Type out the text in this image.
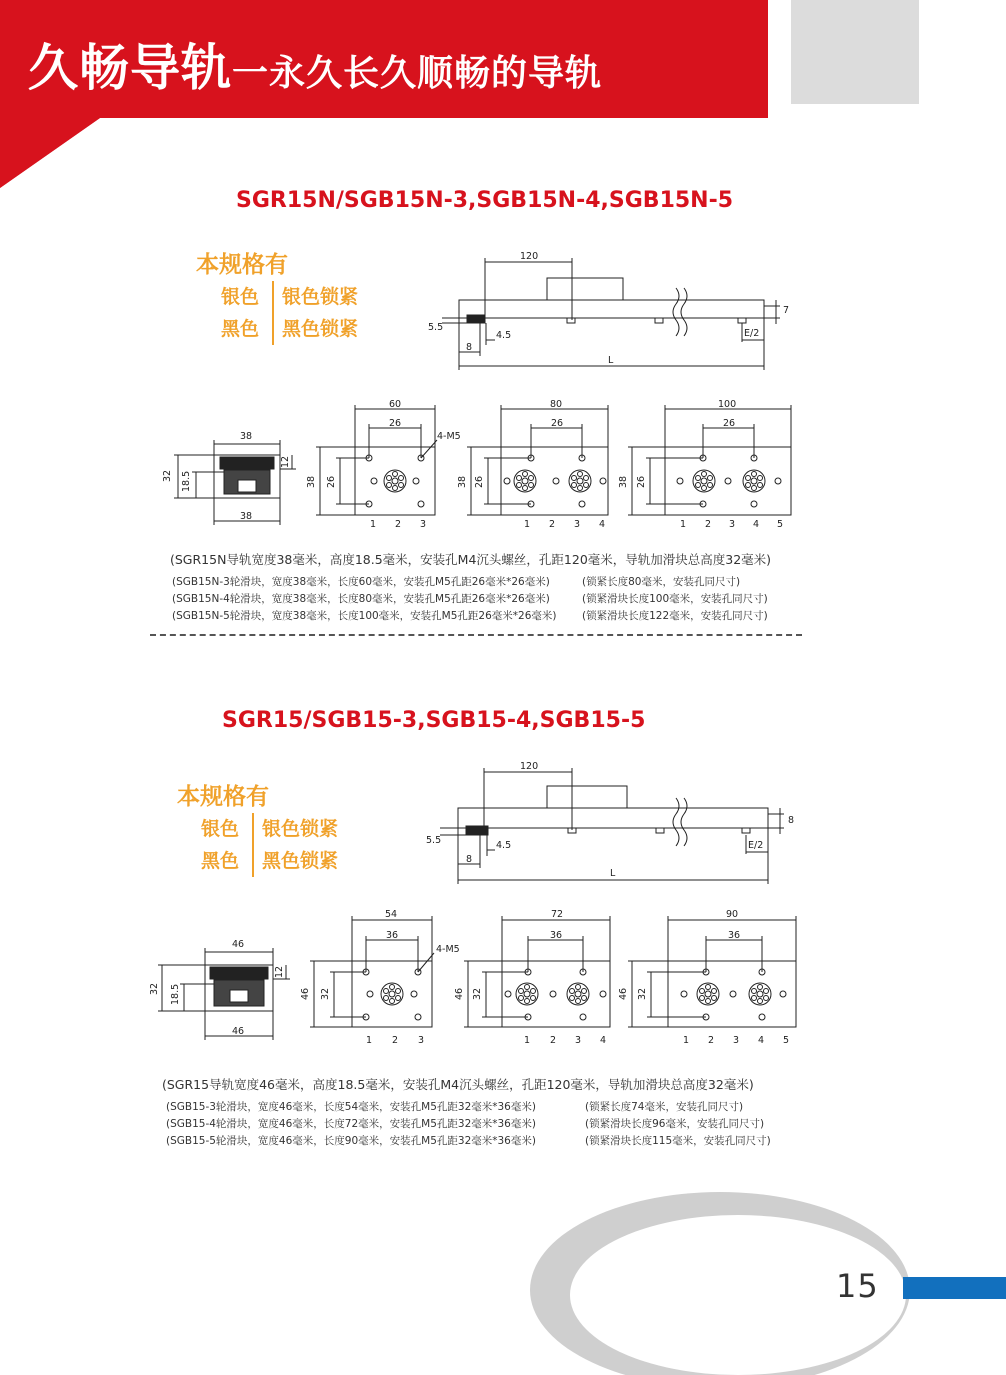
久畅导轨一永久长久顺畅的导轨
SGR15N/SGB15N-3,SGB15N-4,SGB15N-5
本规格有
银色 银色锁紧
黑色 黑色锁紧
120
7
5.5
8
4.5	E/2
L
38
38
32 18.5
12
60
26
38 26
4-M5
1 2 3
80
26
38 26
1 2 3 4
100
26
38 26
1 2 3 4 5
(SGR15N导轨宽度38毫米，高度18.5毫米，安装孔M4沉头螺丝，孔距120毫米，导轨加滑块总高度32毫米)
(SGB15N-3轮滑块，宽度38毫米，长度60毫米，安装孔M5孔距26毫米*26毫米)	(锁紧长度80毫米，安装孔同尺寸)
(SGB15N-4轮滑块，宽度38毫米，长度80毫米，安装孔M5孔距26毫米*26毫米)	(锁紧滑块长度100毫米，安装孔同尺寸)
(SGB15N-5轮滑块，宽度38毫米，长度100毫米，安装孔M5孔距26毫米*26毫米) (锁紧滑块长度122毫米，安装孔同尺寸)
SGR15/SGB15-3,SGB15-4,SGB15-5
本规格有
银色 银色锁紧
黑色 黑色锁紧
120
8
5.5
8
4.5	E/2
L
46
46
32 18.5
12
54
36
46 32
4-M5
1 2 3
72
36
46 32
1 2 3 4
90
36
46 32
1 2 3 4 5
(SGR15导轨宽度46毫米，高度18.5毫米，安装孔M4沉头螺丝，孔距120毫米，导轨加滑块总高度32毫米)
(SGB15-3轮滑块，宽度46毫米，长度54毫米，安装孔M5孔距32毫米*36毫米)	(锁紧长度74毫米，安装孔同尺寸)
(SGB15-4轮滑块，宽度46毫米，长度72毫米，安装孔M5孔距32毫米*36毫米)	(锁紧滑块长度96毫米，安装孔同尺寸)
(SGB15-5轮滑块，宽度46毫米，长度90毫米，安装孔M5孔距32毫米*36毫米)	(锁紧滑块长度115毫米，安装孔同尺寸)
15
